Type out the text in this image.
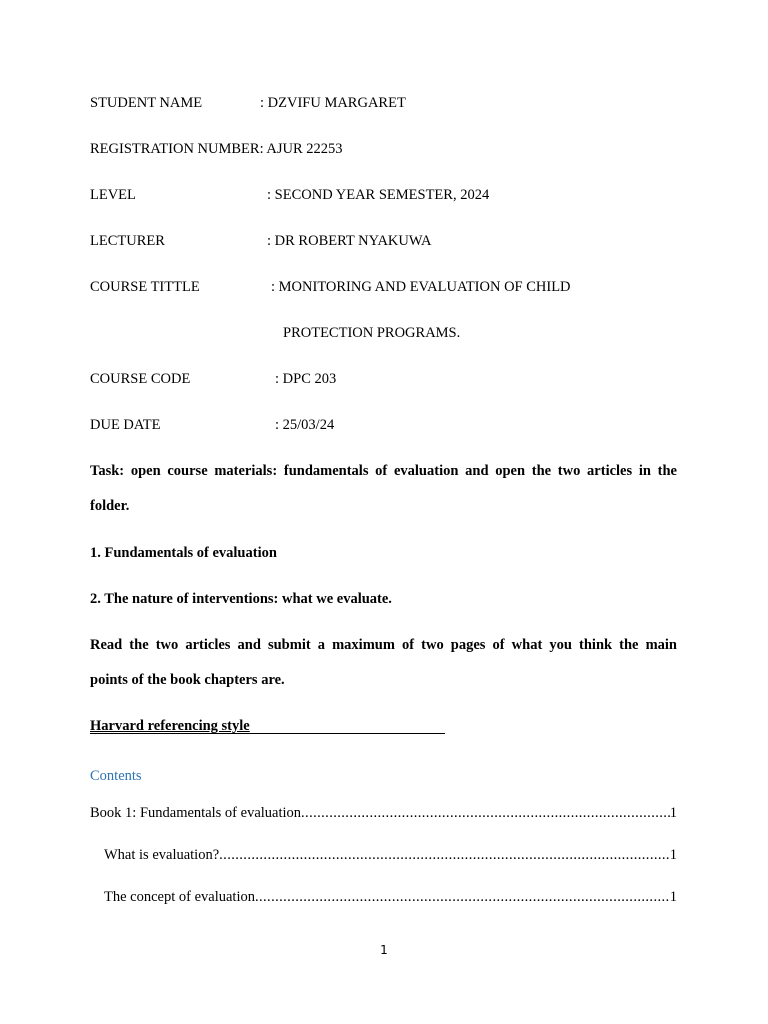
STUDENT NAME	: DZVIFU MARGARET
REGISTRATION NUMBER: AJUR 22253
LEVEL	: SECOND YEAR SEMESTER, 2024
LECTURER	: DR ROBERT NYAKUWA
COURSE TITTLE	: MONITORING AND EVALUATION OF CHILD
PROTECTION PROGRAMS.
COURSE CODE	: DPC 203
DUE DATE	: 25/03/24
Task: open course materials: fundamentals of evaluation and open the two articles in the
folder.
1. Fundamentals of evaluation
2. The nature of interventions: what we evaluate.
Read the two articles and submit a maximum of two pages of what you think the main
points of the book chapters are.
Harvard referencing style
Contents
Book 1: Fundamentals of evaluation .....	1
What is evaluation? .....	1
The concept of evaluation .....	1
1
